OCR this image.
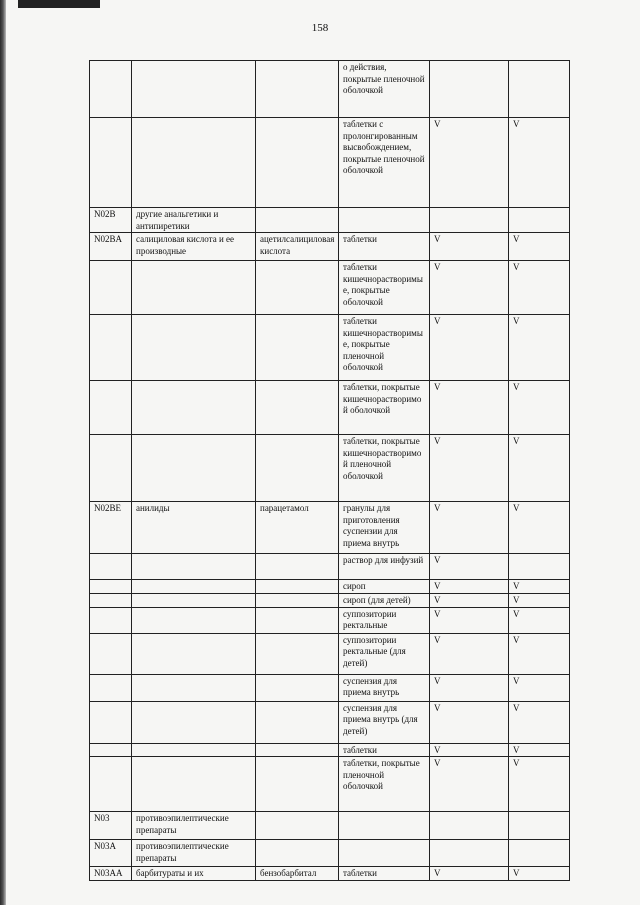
158
			о действия, покрытые пленочной оболочкой		
			таблетки с пролонгированным высвобождением, покрытые пленочной оболочкой	V	V
N02B	другие анальгетики и антипиретики				
N02BA	салициловая кислота и ее производные	ацетилсалициловая кислота	таблетки	V	V
			таблетки кишечнорастворимые, покрытые оболочкой	V	V
			таблетки кишечнорастворимые, покрытые пленочной оболочкой	V	V
			таблетки, покрытые кишечнорастворимой оболочкой	V	V
			таблетки, покрытые кишечнорастворимой пленочной оболочкой	V	V
N02BE	анилиды	парацетамол	гранулы для приготовления суспензии для приема внутрь	V	V
			раствор для инфузий	V	
			сироп	V	V
			сироп (для детей)	V	V
			суппозитории ректальные	V	V
			суппозитории ректальные (для детей)	V	V
			суспензия для приема внутрь	V	V
			суспензия для приема внутрь (для детей)	V	V
			таблетки	V	V
			таблетки, покрытые пленочной оболочкой	V	V
N03	противоэпилептические препараты				
N03A	противоэпилептические препараты				
N03AA	барбитураты и их	бензобарбитал	таблетки	V	V
